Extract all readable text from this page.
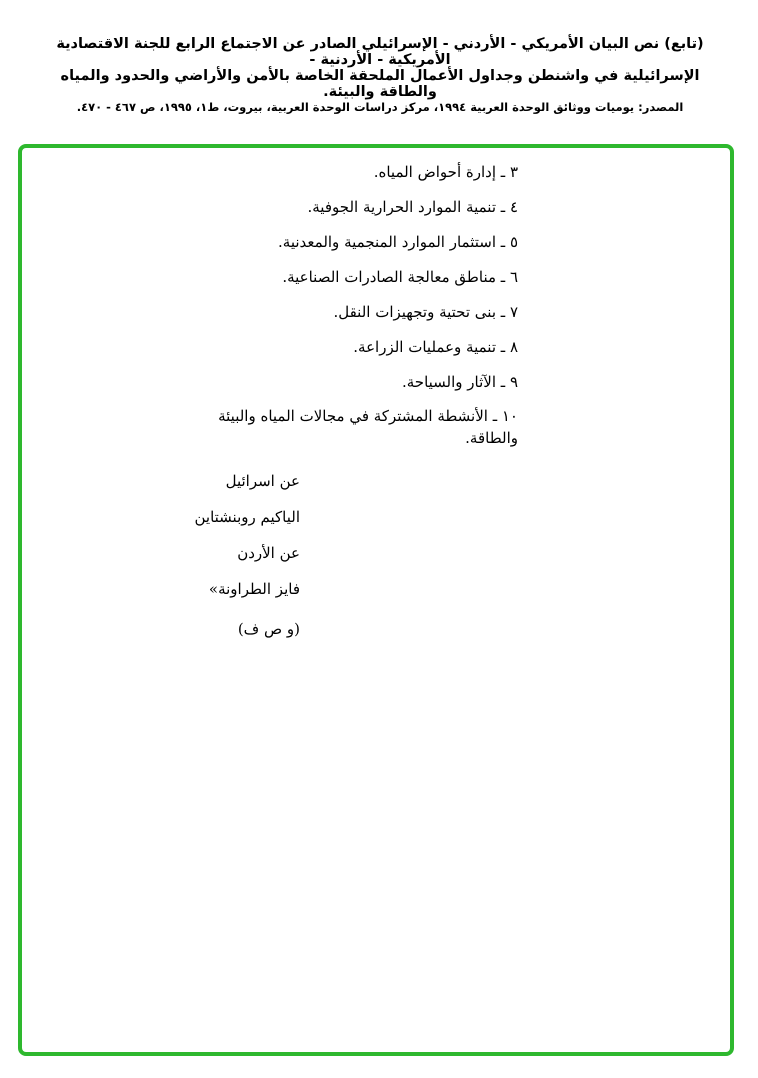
(تابع) نص البيان الأمريكي - الأردني - الإسرائيلي الصادر عن الاجتماع الرابع للجنة الاقتصادية الأمريكية - الأردنية -
الإسرائيلية في واشنطن وجداول الأعمال الملحقة الخاصة بالأمن والأراضي والحدود والمياه والطاقة والبيئة.
المصدر: يوميات ووثائق الوحدة العربية ١٩٩٤، مركز دراسات الوحدة العربية، بيروت، ط١، ١٩٩٥، ص ٤٦٧ - ٤٧٠.
٣ ـ إدارة أحواض المياه.
٤ ـ تنمية الموارد الحرارية الجوفية.
٥ ـ استثمار الموارد المنجمية والمعدنية.
٦ ـ مناطق معالجة الصادرات الصناعية.
٧ ـ بنى تحتية وتجهيزات النقل.
٨ ـ تنمية وعمليات الزراعة.
٩ ـ الآثار والسياحة.
١٠ ـ الأنشطة المشتركة في مجالات المياه والبيئة والطاقة.
عن اسرائيل
الياكيم روبنشتاين
عن الأردن
فايز الطراونة»
(و ص ف)
